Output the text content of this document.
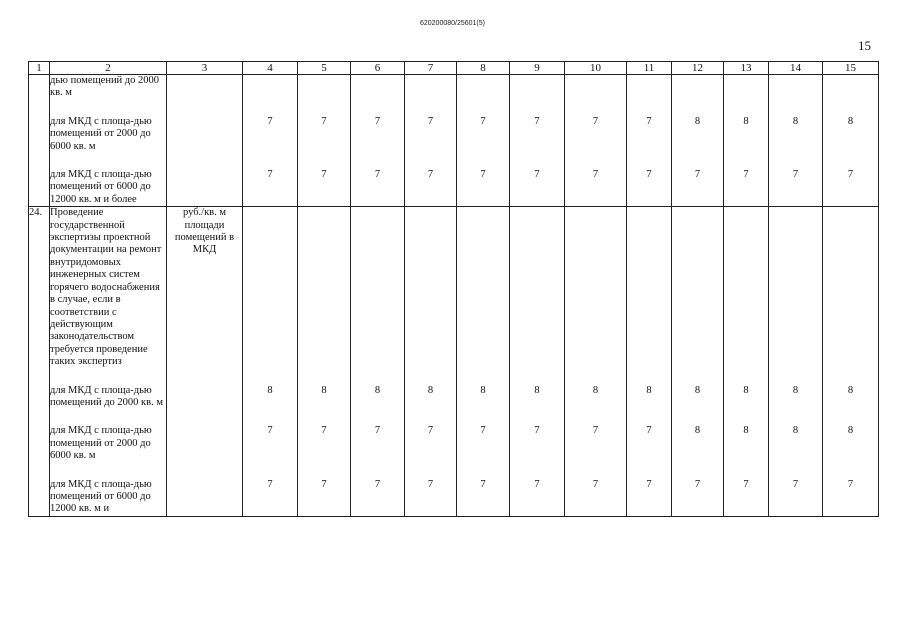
620200080/25601(5)
15
1	2	3	4	5	6	7	8	9	10	11	12	13	14	15
	дью помещений до 2000 кв. м													
	для МКД с площа-дью помещений от 2000 до 6000 кв. м		7	7	7	7	7	7	7	7	8	8	8	8
	для МКД с площа-дью помещений от 6000 до 12000 кв. м и более		7	7	7	7	7	7	7	7	7	7	7	7
24.	Проведение государственной экспертизы проектной документации на ремонт внутридомовых инженерных систем горячего водоснабжения в случае, если в соответствии с действующим законодательством требуется проведение таких экспертиз	руб./кв. м площади помещений в МКД												
	для МКД с площа-дью помещений до 2000 кв. м		8	8	8	8	8	8	8	8	8	8	8	8
	для МКД с площа-дью помещений от 2000 до 6000 кв. м		7	7	7	7	7	7	7	7	8	8	8	8
	для МКД с площа-дью помещений от 6000 до 12000 кв. м и		7	7	7	7	7	7	7	7	7	7	7	7
